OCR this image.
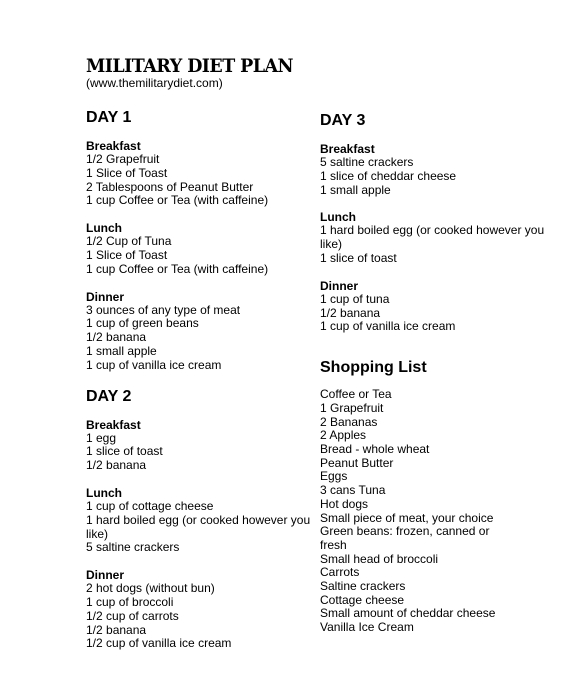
MILITARY DIET PLAN
(www.themilitarydiet.com)
DAY 1
Breakfast
1/2 Grapefruit
1 Slice of Toast
2 Tablespoons of Peanut Butter
1 cup Coffee or Tea (with caffeine)
Lunch
1/2 Cup of Tuna
1 Slice of Toast
1 cup Coffee or Tea (with caffeine)
Dinner
3 ounces of any type of meat
1 cup of green beans
1/2 banana
1 small apple
1 cup of vanilla ice cream
DAY 2
Breakfast
1 egg
1 slice of toast
1/2 banana
Lunch
1 cup of cottage cheese
1 hard boiled egg (or cooked however you like)
5 saltine crackers
Dinner
2 hot dogs (without bun)
1 cup of broccoli
1/2 cup of carrots
1/2 banana
1/2 cup of vanilla ice cream
DAY 3
Breakfast
5 saltine crackers
1 slice of cheddar cheese
1 small apple
Lunch
1 hard boiled egg (or cooked however you like)
1 slice of toast
Dinner
1 cup of tuna
1/2 banana
1 cup of vanilla ice cream
Shopping List
Coffee or Tea
1 Grapefruit
2 Bananas
2 Apples
Bread - whole wheat
Peanut Butter
Eggs
3 cans Tuna
Hot dogs
Small piece of meat, your choice
Green beans: frozen, canned or fresh
Small head of broccoli
Carrots
Saltine crackers
Cottage cheese
Small amount of cheddar cheese
Vanilla Ice Cream
